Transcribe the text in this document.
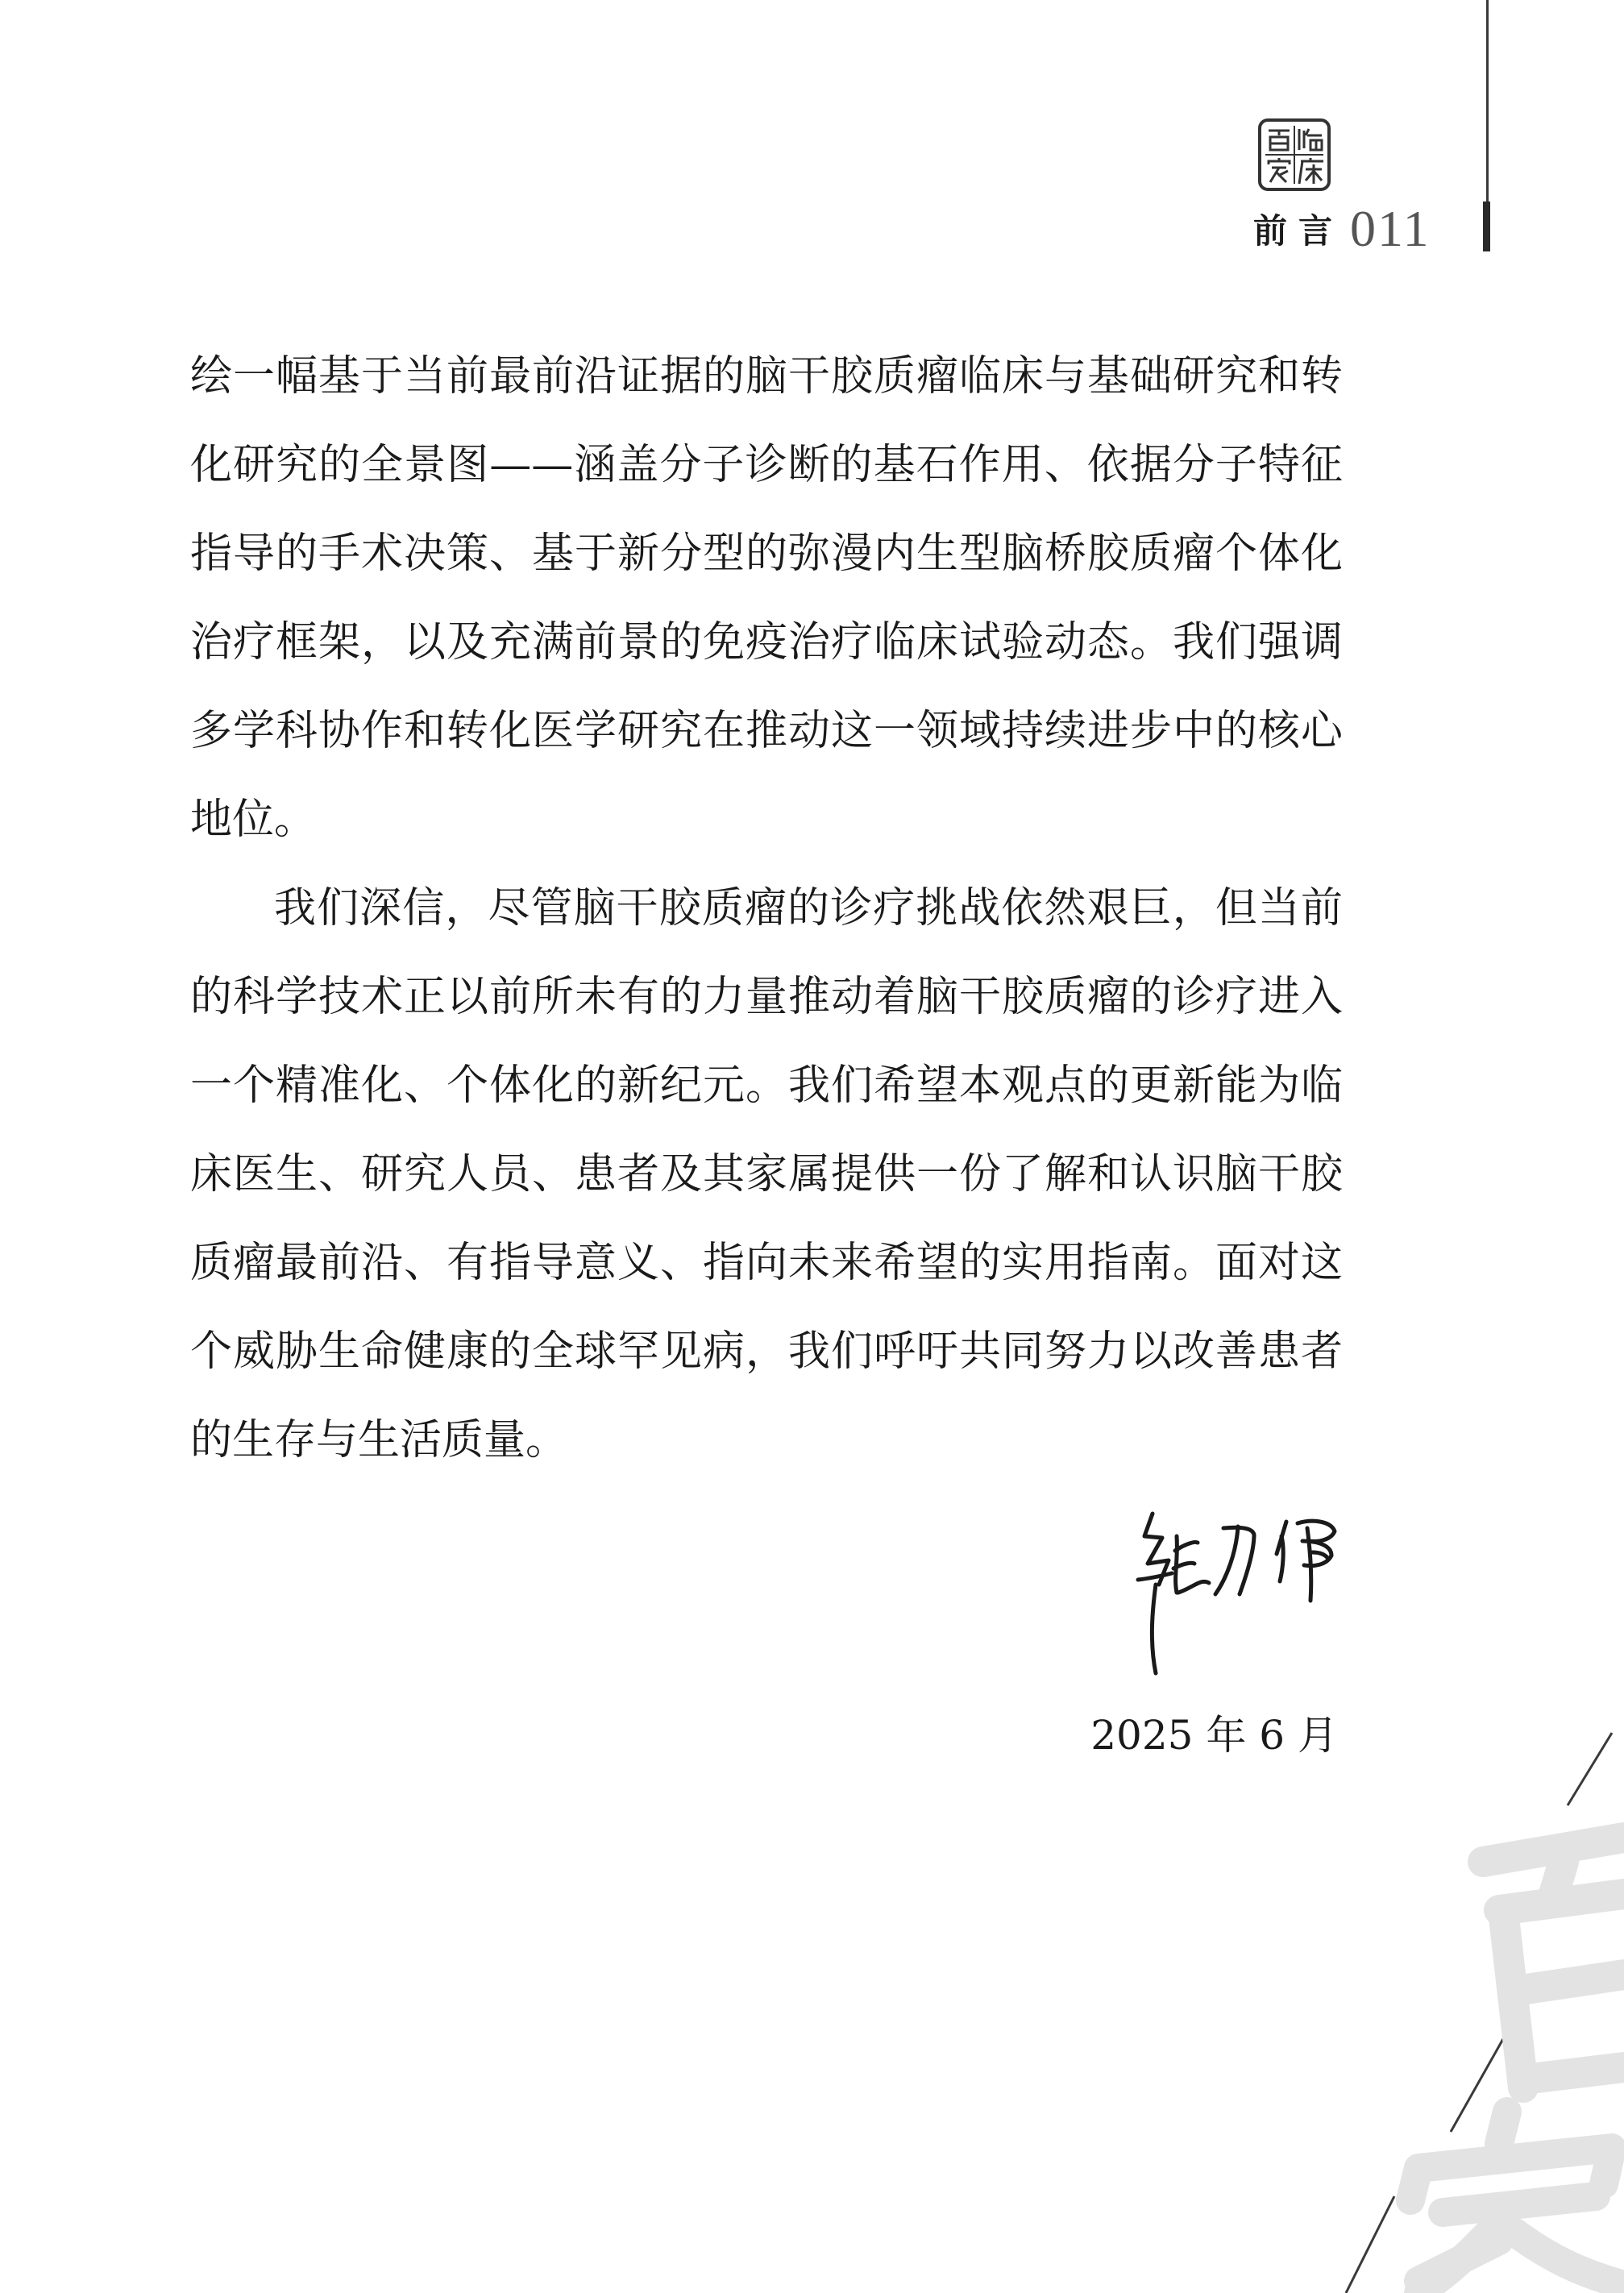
前言 011

绘一幅基于当前最前沿证据的脑干胶质瘤临床与基础研究和转化研究的全景图——涵盖分子诊断的基石作用、依据分子特征指导的手术决策、基于新分型的弥漫内生型脑桥胶质瘤个体化治疗框架，以及充满前景的免疫治疗临床试验动态。我们强调多学科协作和转化医学研究在推动这一领域持续进步中的核心地位。

我们深信，尽管脑干胶质瘤的诊疗挑战依然艰巨，但当前的科学技术正以前所未有的力量推动着脑干胶质瘤的诊疗进入一个精准化、个体化的新纪元。我们希望本观点的更新能为临床医生、研究人员、患者及其家属提供一份了解和认识脑干胶质瘤最前沿、有指导意义、指向未来希望的实用指南。面对这个威胁生命健康的全球罕见病，我们呼吁共同努力以改善患者的生存与生活质量。

2025 年 6 月
